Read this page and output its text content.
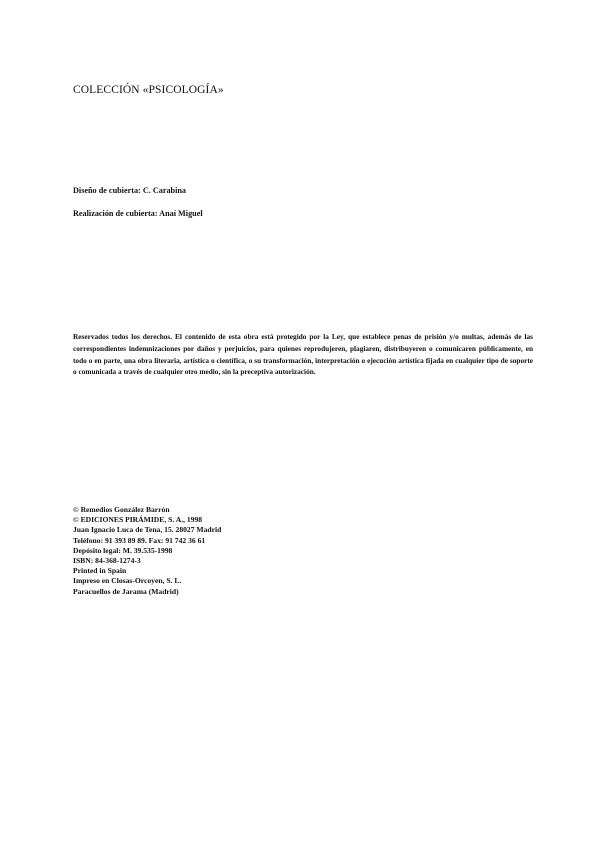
COLECCIÓN «PSICOLOGÍA»
Diseño de cubierta: C. Carabina
Realización de cubierta: Anaí Miguel
Reservados todos los derechos. El contenido de esta obra está protegido por la Ley, que establece penas de prisión y/o multas, además de las correspondientes indemnizaciones por daños y perjuicios, para quienes reprodujeren, plagiaren, distribuyeren o comunicaren públicamente, en todo o en parte, una obra literaria, artística o científica, o su transformación, interpretación o ejecución artística fijada en cualquier tipo de soporte o comunicada a través de cualquier otro medio, sin la preceptiva autorización.
© Remedios González Barrón
© EDICIONES PIRÁMIDE, S. A., 1998
Juan Ignacio Luca de Tena, 15. 28027 Madrid
Teléfono: 91 393 89 89. Fax: 91 742 36 61
Depósito legal: M. 39.535-1998
ISBN: 84-368-1274-3
Printed in Spain
Impreso en Closas-Orcoyen, S. L.
Paracuellos de Jarama (Madrid)
